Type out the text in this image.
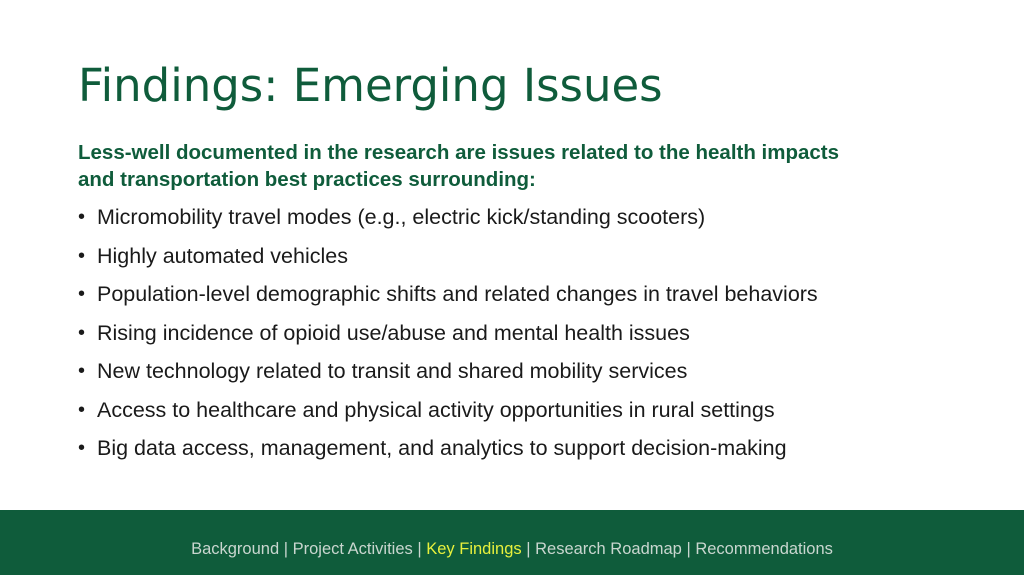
Findings: Emerging Issues
Less-well documented in the research are issues related to the health impacts
and transportation best practices surrounding:
• Micromobility travel modes (e.g., electric kick/standing scooters)
• Highly automated vehicles
• Population-level demographic shifts and related changes in travel behaviors
• Rising incidence of opioid use/abuse and mental health issues
• New technology related to transit and shared mobility services
• Access to healthcare and physical activity opportunities in rural settings
• Big data access, management, and analytics to support decision-making
Background | Project Activities | Key Findings | Research Roadmap | Recommendations
